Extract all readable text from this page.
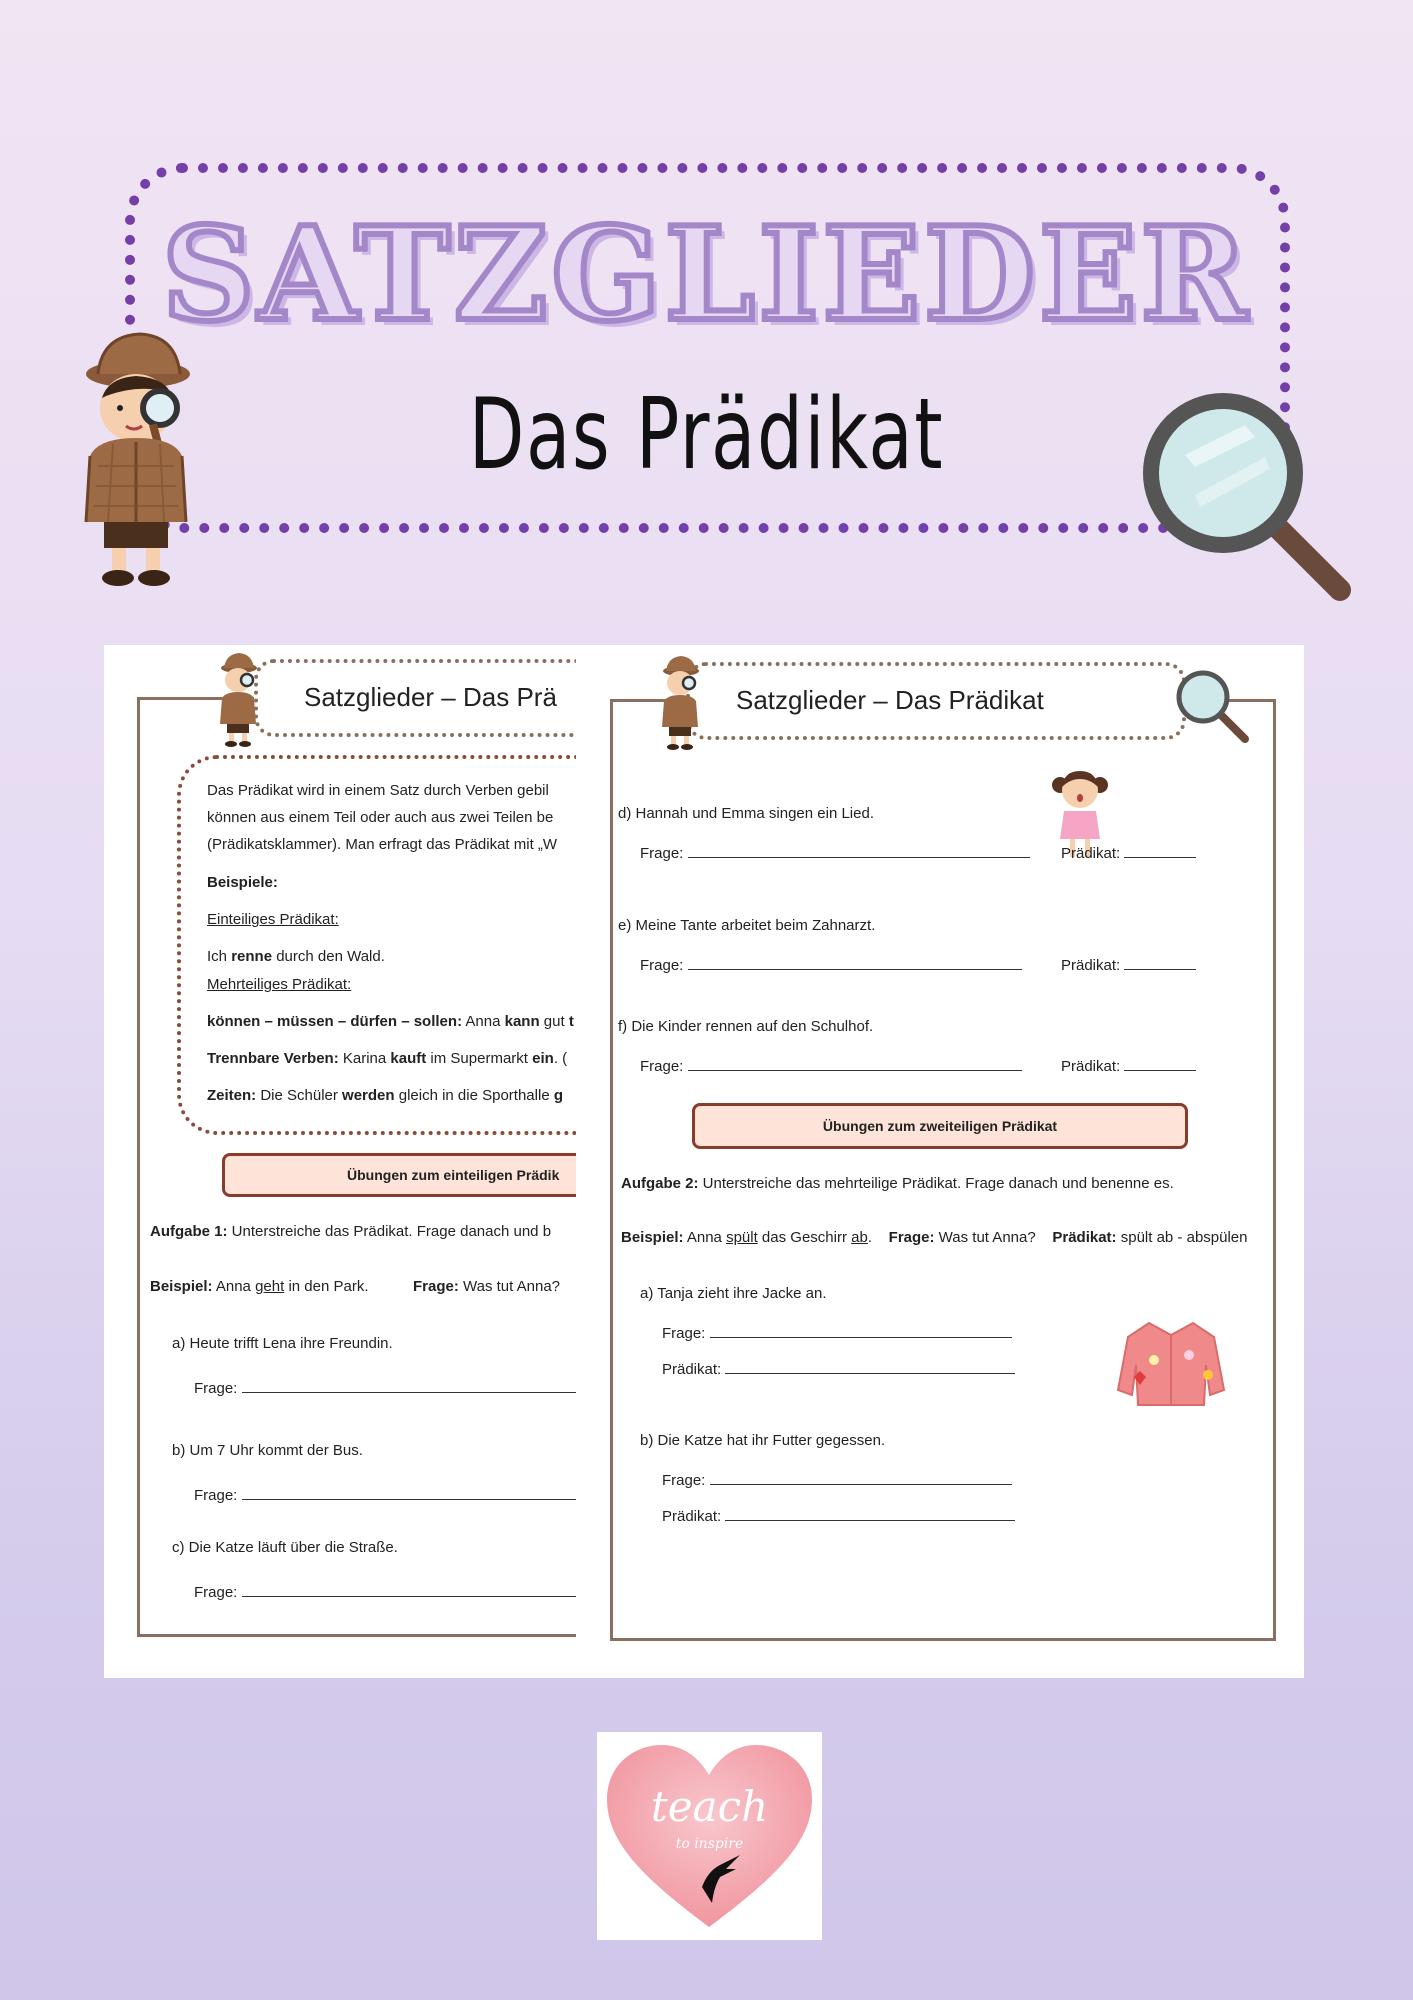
SATZGLIEDER
Das Prädikat
Satzglieder – Das Prä
Das Prädikat wird in einem Satz durch Verben gebil
können aus einem Teil oder auch aus zwei Teilen be
(Prädikatsklammer). Man erfragt das Prädikat mit „W
Beispiele:
Einteiliges Prädikat:
Ich renne durch den Wald.
Mehrteiliges Prädikat:
können – müssen – dürfen – sollen: Anna kann gut t
Trennbare Verben: Karina kauft im Supermarkt ein. (
Zeiten: Die Schüler werden gleich in die Sporthalle g
Übungen zum einteiligen Prädik
Aufgabe 1: Unterstreiche das Prädikat. Frage danach und b
Beispiel: Anna geht in den Park.	Frage: Was tut Anna?
a) Heute trifft Lena ihre Freundin.
Frage:
b) Um 7 Uhr kommt der Bus.
Frage:
c) Die Katze läuft über die Straße.
Frage:
Satzglieder – Das Prädikat
d) Hannah und Emma singen ein Lied.
Frage:	Prädikat:
e) Meine Tante arbeitet beim Zahnarzt.
Frage:	Prädikat:
f) Die Kinder rennen auf den Schulhof.
Frage:	Prädikat:
Übungen zum zweiteiligen Prädikat
Aufgabe 2: Unterstreiche das mehrteilige Prädikat. Frage danach und benenne es.
Beispiel: Anna spült das Geschirr ab. Frage: Was tut Anna? Prädikat: spült ab - abspülen
a) Tanja zieht ihre Jacke an.
Frage:
Prädikat:
b) Die Katze hat ihr Futter gegessen.
Frage:
Prädikat:
teach
to inspire
